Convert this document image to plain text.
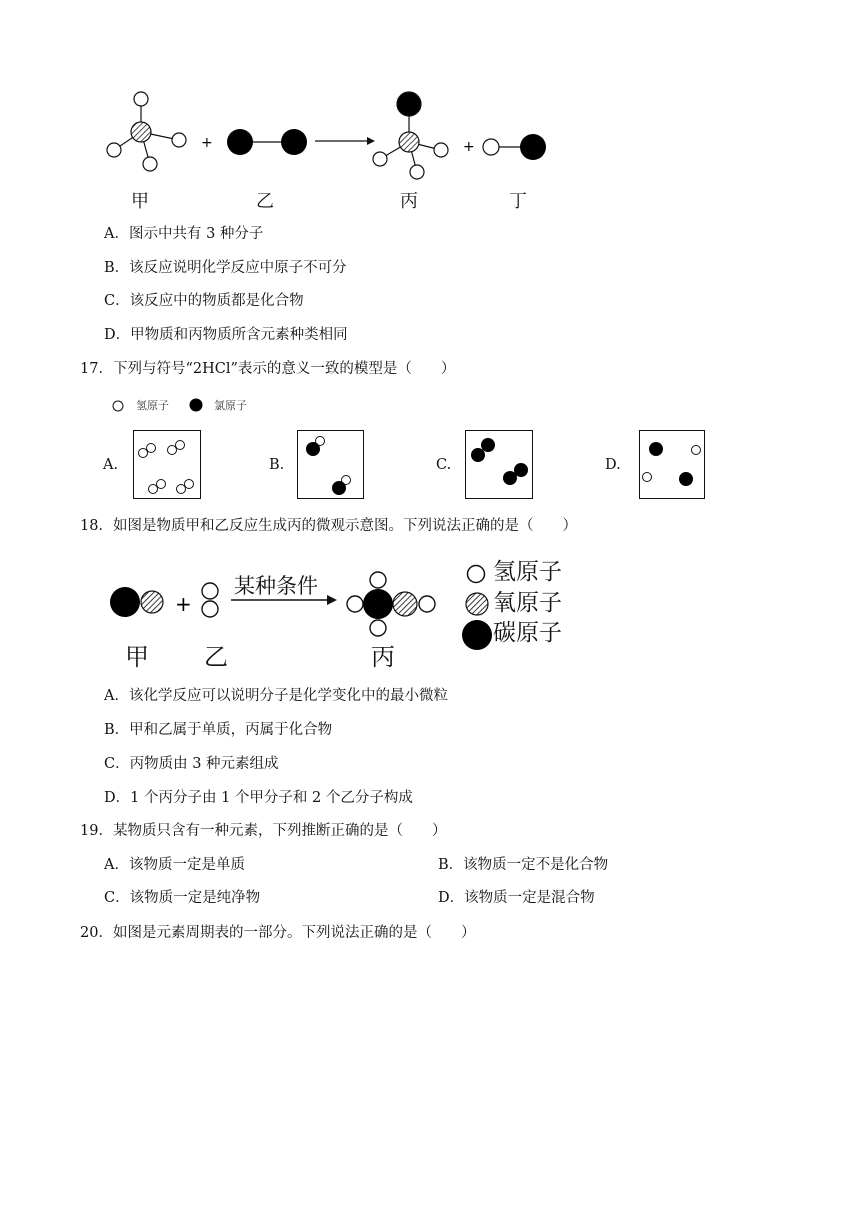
+	+
甲	乙	丙	丁
A．图示中共有 3 种分子
B．该反应说明化学反应中原子不可分
C．该反应中的物质都是化合物
D．甲物质和丙物质所含元素种类相同
17．下列与符号“2HCl”表示的意义一致的模型是（　　）
氢原子	氯原子
A.	B.	C.	D.
18．如图是物质甲和乙反应生成丙的微观示意图。下列说法正确的是（　　）
+
某种条件
甲 乙	丙
氢原子
氧原子
碳原子
A．该化学反应可以说明分子是化学变化中的最小微粒
B．甲和乙属于单质，丙属于化合物
C．丙物质由 3 种元素组成
D．1 个丙分子由 1 个甲分子和 2 个乙分子构成
19．某物质只含有一种元素，下列推断正确的是（　　）
A．该物质一定是单质	B．该物质一定不是化合物
C．该物质一定是纯净物	D．该物质一定是混合物
20．如图是元素周期表的一部分。下列说法正确的是（　　）
